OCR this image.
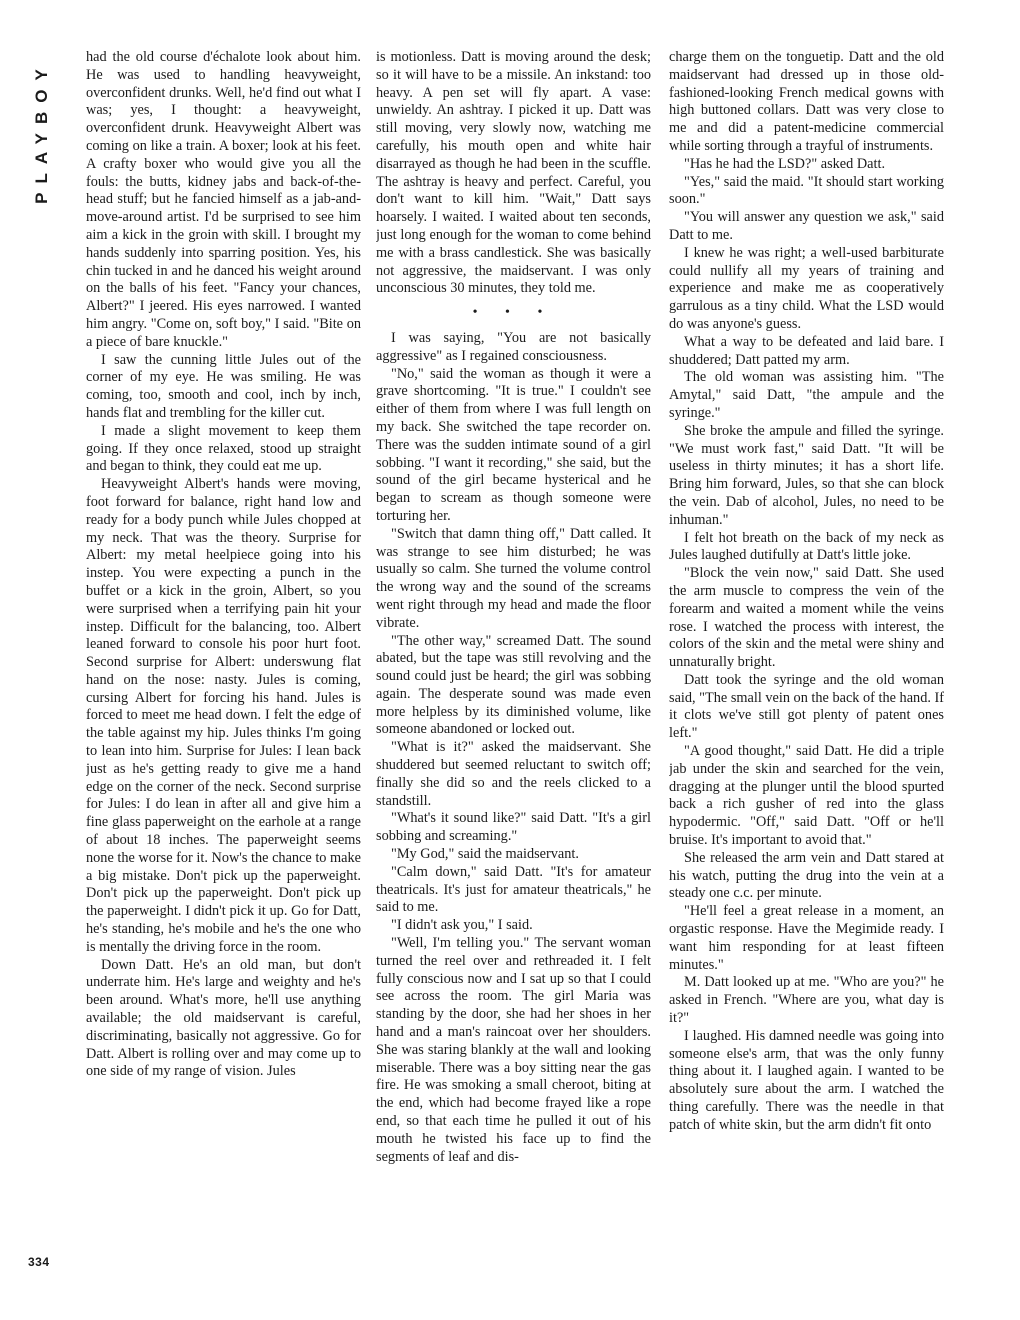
PLAYBOY
334

had the old course d'échalote look about him. He was used to handling heavyweight, overconfident drunks. Well, he'd find out what I was; yes, I thought: a heavyweight, overconfident drunk. Heavyweight Albert was coming on like a train. A boxer; look at his feet. A crafty boxer who would give you all the fouls: the butts, kidney jabs and back-of-the-head stuff; but he fancied himself as a jab-and-move-around artist. I'd be surprised to see him aim a kick in the groin with skill. I brought my hands suddenly into sparring position. Yes, his chin tucked in and he danced his weight around on the balls of his feet. "Fancy your chances, Albert?" I jeered. His eyes narrowed. I wanted him angry. "Come on, soft boy," I said. "Bite on a piece of bare knuckle."

I saw the cunning little Jules out of the corner of my eye. He was smiling. He was coming, too, smooth and cool, inch by inch, hands flat and trembling for the killer cut.

I made a slight movement to keep them going. If they once relaxed, stood up straight and began to think, they could eat me up.

Heavyweight Albert's hands were moving, foot forward for balance, right hand low and ready for a body punch while Jules chopped at my neck. That was the theory. Surprise for Albert: my metal heelpiece going into his instep. You were expecting a punch in the buffet or a kick in the groin, Albert, so you were surprised when a terrifying pain hit your instep. Difficult for the balancing, too. Albert leaned forward to console his poor hurt foot. Second surprise for Albert: underswung flat hand on the nose: nasty. Jules is coming, cursing Albert for forcing his hand. Jules is forced to meet me head down. I felt the edge of the table against my hip. Jules thinks I'm going to lean into him. Surprise for Jules: I lean back just as he's getting ready to give me a hand edge on the corner of the neck. Second surprise for Jules: I do lean in after all and give him a fine glass paperweight on the earhole at a range of about 18 inches. The paperweight seems none the worse for it. Now's the chance to make a big mistake. Don't pick up the paperweight. Don't pick up the paperweight. Don't pick up the paperweight. I didn't pick it up. Go for Datt, he's standing, he's mobile and he's the one who is mentally the driving force in the room.

Down Datt. He's an old man, but don't underrate him. He's large and weighty and he's been around. What's more, he'll use anything available; the old maidservant is careful, discriminating, basically not aggressive. Go for Datt. Albert is rolling over and may come up to one side of my range of vision. Jules

is motionless. Datt is moving around the desk; so it will have to be a missile. An inkstand: too heavy. A pen set will fly apart. A vase: unwieldy. An ashtray. I picked it up. Datt was still moving, very slowly now, watching me carefully, his mouth open and white hair disarrayed as though he had been in the scuffle. The ashtray is heavy and perfect. Careful, you don't want to kill him. "Wait," Datt says hoarsely. I waited. I waited about ten seconds, just long enough for the woman to come behind me with a brass candlestick. She was basically not aggressive, the maidservant. I was only unconscious 30 minutes, they told me.

• • •

I was saying, "You are not basically aggressive" as I regained consciousness.

"No," said the woman as though it were a grave shortcoming. "It is true." I couldn't see either of them from where I was full length on my back. She switched the tape recorder on. There was the sudden intimate sound of a girl sobbing. "I want it recording," she said, but the sound of the girl became hysterical and he began to scream as though someone were torturing her.

"Switch that damn thing off," Datt called. It was strange to see him disturbed; he was usually so calm. She turned the volume control the wrong way and the sound of the screams went right through my head and made the floor vibrate.

"The other way," screamed Datt. The sound abated, but the tape was still revolving and the sound could just be heard; the girl was sobbing again. The desperate sound was made even more helpless by its diminished volume, like someone abandoned or locked out.

"What is it?" asked the maidservant. She shuddered but seemed reluctant to switch off; finally she did so and the reels clicked to a standstill.

"What's it sound like?" said Datt. "It's a girl sobbing and screaming."

"My God," said the maidservant.

"Calm down," said Datt. "It's for amateur theatricals. It's just for amateur theatricals," he said to me.

"I didn't ask you," I said.

"Well, I'm telling you." The servant woman turned the reel over and rethreaded it. I felt fully conscious now and I sat up so that I could see across the room. The girl Maria was standing by the door, she had her shoes in her hand and a man's raincoat over her shoulders. She was staring blankly at the wall and looking miserable. There was a boy sitting near the gas fire. He was smoking a small cheroot, biting at the end, which had become frayed like a rope end, so that each time he pulled it out of his mouth he twisted his face up to find the segments of leaf and dis-

charge them on the tonguetip. Datt and the old maidservant had dressed up in those old-fashioned-looking French medical gowns with high buttoned collars. Datt was very close to me and did a patent-medicine commercial while sorting through a trayful of instruments.

"Has he had the LSD?" asked Datt.

"Yes," said the maid. "It should start working soon."

"You will answer any question we ask," said Datt to me.

I knew he was right; a well-used barbiturate could nullify all my years of training and experience and make me as cooperatively garrulous as a tiny child. What the LSD would do was anyone's guess.

What a way to be defeated and laid bare. I shuddered; Datt patted my arm.

The old woman was assisting him. "The Amytal," said Datt, "the ampule and the syringe."

She broke the ampule and filled the syringe. "We must work fast," said Datt. "It will be useless in thirty minutes; it has a short life. Bring him forward, Jules, so that she can block the vein. Dab of alcohol, Jules, no need to be inhuman."

I felt hot breath on the back of my neck as Jules laughed dutifully at Datt's little joke.

"Block the vein now," said Datt. She used the arm muscle to compress the vein of the forearm and waited a moment while the veins rose. I watched the process with interest, the colors of the skin and the metal were shiny and unnaturally bright.

Datt took the syringe and the old woman said, "The small vein on the back of the hand. If it clots we've still got plenty of patent ones left."

"A good thought," said Datt. He did a triple jab under the skin and searched for the vein, dragging at the plunger until the blood spurted back a rich gusher of red into the glass hypodermic. "Off," said Datt. "Off or he'll bruise. It's important to avoid that."

She released the arm vein and Datt stared at his watch, putting the drug into the vein at a steady one c.c. per minute.

"He'll feel a great release in a moment, an orgastic response. Have the Megimide ready. I want him responding for at least fifteen minutes."

M. Datt looked up at me. "Who are you?" he asked in French. "Where are you, what day is it?"

I laughed. His damned needle was going into someone else's arm, that was the only funny thing about it. I laughed again. I wanted to be absolutely sure about the arm. I watched the thing carefully. There was the needle in that patch of white skin, but the arm didn't fit onto
